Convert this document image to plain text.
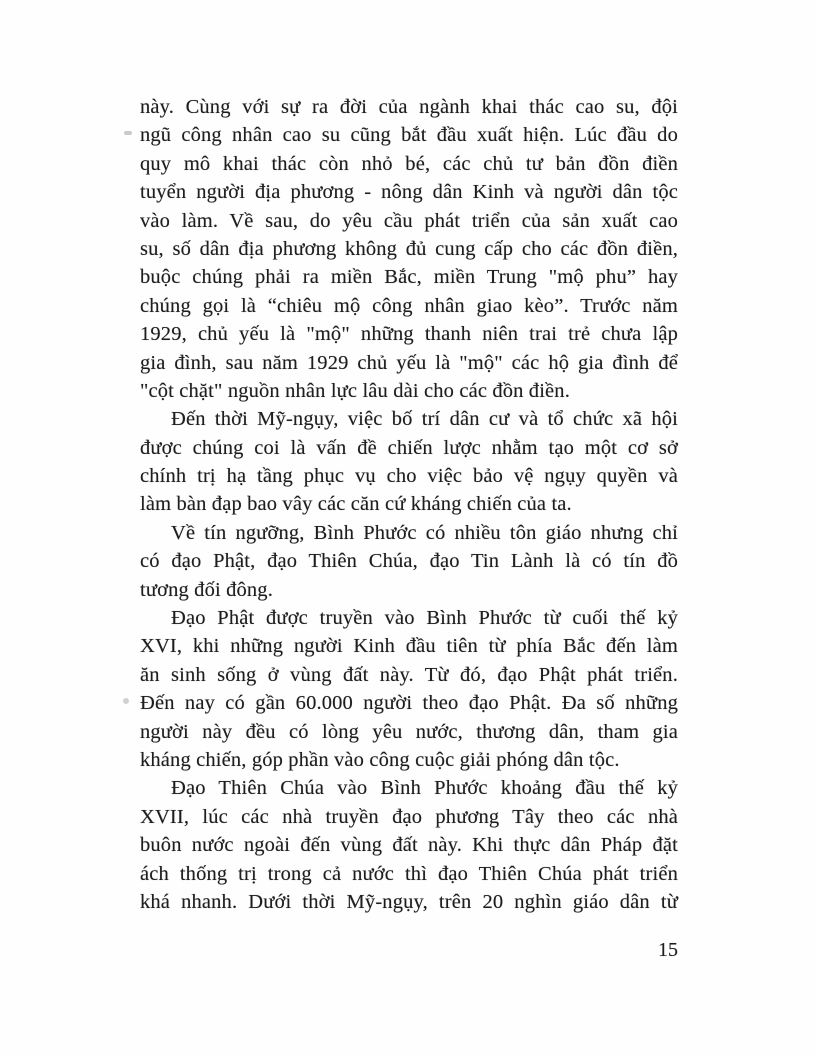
này. Cùng với sự ra đời của ngành khai thác cao su, đội
ngũ công nhân cao su cũng bắt đầu xuất hiện. Lúc đầu do
quy mô khai thác còn nhỏ bé, các chủ tư bản đồn điền
tuyển người địa phương - nông dân Kinh và người dân tộc
vào làm. Về sau, do yêu cầu phát triển của sản xuất cao
su, số dân địa phương không đủ cung cấp cho các đồn điền,
buộc chúng phải ra miền Bắc, miền Trung "mộ phu” hay
chúng gọi là “chiêu mộ công nhân giao kèo”. Trước năm
1929, chủ yếu là "mộ" những thanh niên trai trẻ chưa lập
gia đình, sau năm 1929 chủ yếu là "mộ" các hộ gia đình để
"cột chặt" nguồn nhân lực lâu dài cho các đồn điền.
Đến thời Mỹ-ngụy, việc bố trí dân cư và tổ chức xã hội
được chúng coi là vấn đề chiến lược nhằm tạo một cơ sở
chính trị hạ tầng phục vụ cho việc bảo vệ ngụy quyền và
làm bàn đạp bao vây các căn cứ kháng chiến của ta.
Về tín ngưỡng, Bình Phước có nhiều tôn giáo nhưng chỉ
có đạo Phật, đạo Thiên Chúa, đạo Tin Lành là có tín đồ
tương đối đông.
Đạo Phật được truyền vào Bình Phước từ cuối thế kỷ
XVI, khi những người Kinh đầu tiên từ phía Bắc đến làm
ăn sinh sống ở vùng đất này. Từ đó, đạo Phật phát triển.
Đến nay có gần 60.000 người theo đạo Phật. Đa số những
người này đều có lòng yêu nước, thương dân, tham gia
kháng chiến, góp phần vào công cuộc giải phóng dân tộc.
Đạo Thiên Chúa vào Bình Phước khoảng đầu thế kỷ
XVII, lúc các nhà truyền đạo phương Tây theo các nhà
buôn nước ngoài đến vùng đất này. Khi thực dân Pháp đặt
ách thống trị trong cả nước thì đạo Thiên Chúa phát triển
khá nhanh. Dưới thời Mỹ-ngụy, trên 20 nghìn giáo dân từ
15
